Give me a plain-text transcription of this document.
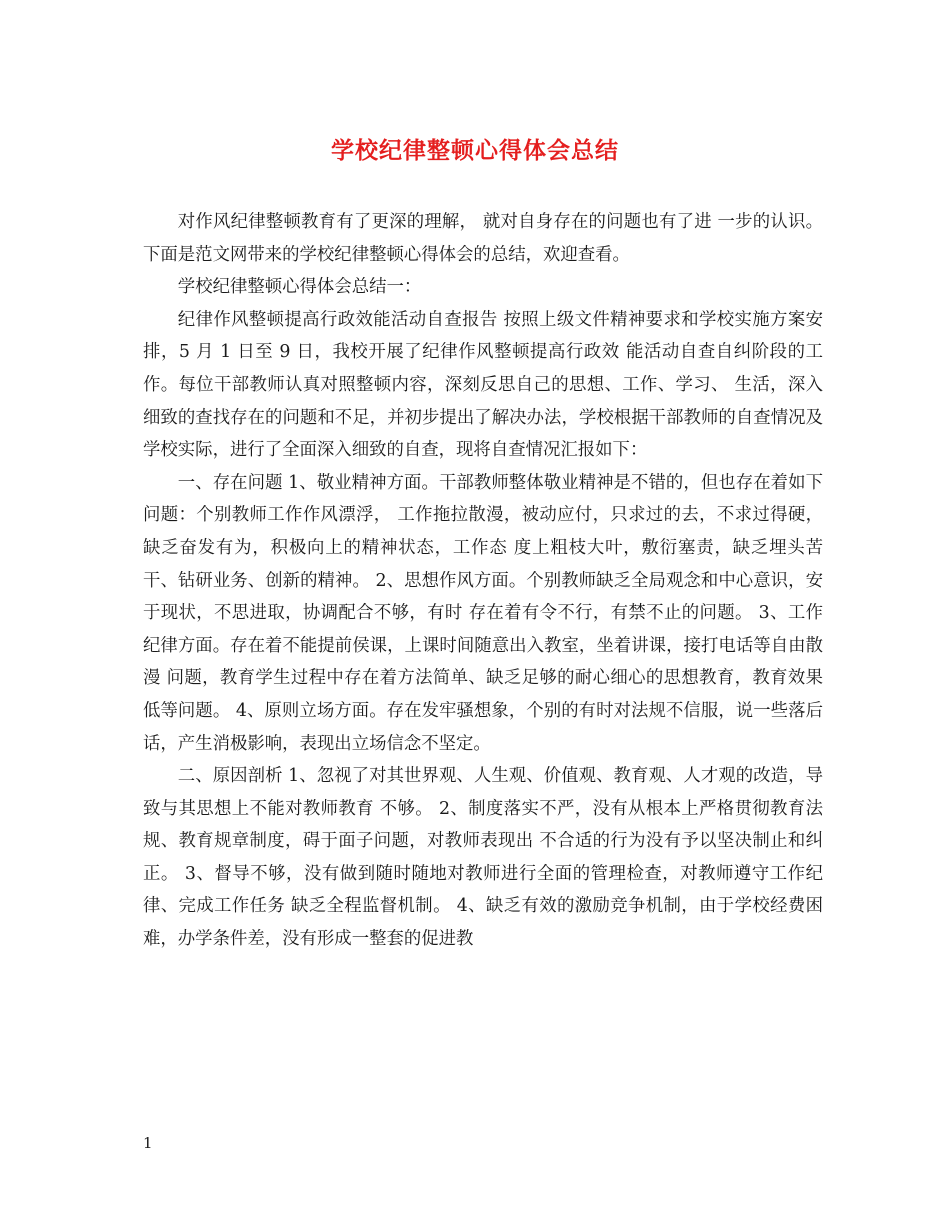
学校纪律整顿心得体会总结

对作风纪律整顿教育有了更深的理解， 就对自身存在的问题也有了进 一步的认识。下面是范文网带来的学校纪律整顿心得体会的总结，欢迎查看。

学校纪律整顿心得体会总结一：

纪律作风整顿提高行政效能活动自查报告 按照上级文件精神要求和学校实施方案安排，5 月 1 日至 9 日，我校开展了纪律作风整顿提高行政效 能活动自查自纠阶段的工作。每位干部教师认真对照整顿内容，深刻反思自己的思想、工作、学习、 生活，深入细致的查找存在的问题和不足，并初步提出了解决办法，学校根据干部教师的自查情况及 学校实际，进行了全面深入细致的自查，现将自查情况汇报如下：

一、存在问题 1、敬业精神方面。干部教师整体敬业精神是不错的，但也存在着如下问题：个别教师工作作风漂浮， 工作拖拉散漫，被动应付，只求过的去，不求过得硬，缺乏奋发有为，积极向上的精神状态，工作态 度上粗枝大叶，敷衍塞责，缺乏埋头苦干、钻研业务、创新的精神。 2、思想作风方面。个别教师缺乏全局观念和中心意识，安于现状，不思进取，协调配合不够，有时 存在着有令不行，有禁不止的问题。 3、工作纪律方面。存在着不能提前侯课，上课时间随意出入教室，坐着讲课，接打电话等自由散漫 问题，教育学生过程中存在着方法简单、缺乏足够的耐心细心的思想教育，教育效果低等问题。 4、原则立场方面。存在发牢骚想象，个别的有时对法规不信服，说一些落后话，产生消极影响，表现出立场信念不坚定。

二、原因剖析 1、忽视了对其世界观、人生观、价值观、教育观、人才观的改造，导致与其思想上不能对教师教育 不够。 2、制度落实不严，没有从根本上严格贯彻教育法规、教育规章制度，碍于面子问题，对教师表现出 不合适的行为没有予以坚决制止和纠正。 3、督导不够，没有做到随时随地对教师进行全面的管理检查，对教师遵守工作纪律、完成工作任务 缺乏全程监督机制。 4、缺乏有效的激励竞争机制，由于学校经费困难，办学条件差，没有形成一整套的促进教

1
